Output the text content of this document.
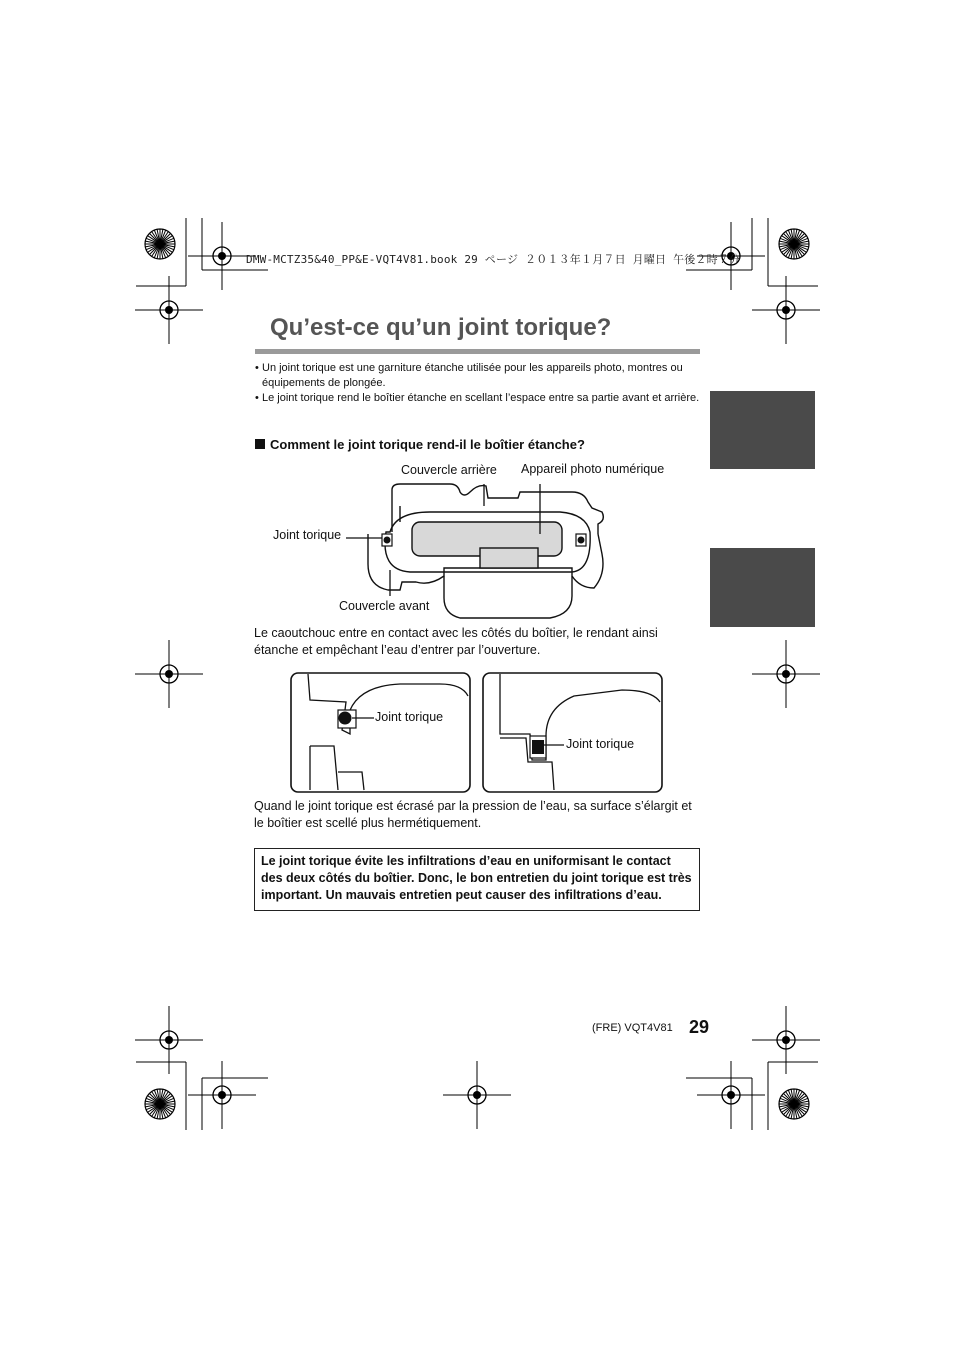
DMW-MCTZ35&40_PP&E-VQT4V81.book 29 ページ ２０１３年１月７日 月曜日 午後２時７分
Qu’est-ce qu’un joint torique?
• Un joint torique est une garniture étanche utilisée pour les appareils photo, montres ou équipements de plongée.
• Le joint torique rend le boîtier étanche en scellant l’espace entre sa partie avant et arrière.
Comment le joint torique rend-il le boîtier étanche?
Couvercle arrière Appareil photo numérique
Joint torique
Couvercle avant
Le caoutchouc entre en contact avec les côtés du boîtier, le rendant ainsi étanche et empêchant l’eau d’entrer par l’ouverture.
Joint torique
Joint torique
Quand le joint torique est écrasé par la pression de l’eau, sa surface s’élargit et le boîtier est scellé plus hermétiquement.
Le joint torique évite les infiltrations d’eau en uniformisant le contact des deux côtés du boîtier. Donc, le bon entretien du joint torique est très important. Un mauvais entretien peut causer des infiltrations d’eau.
(FRE) VQT4V81 29
